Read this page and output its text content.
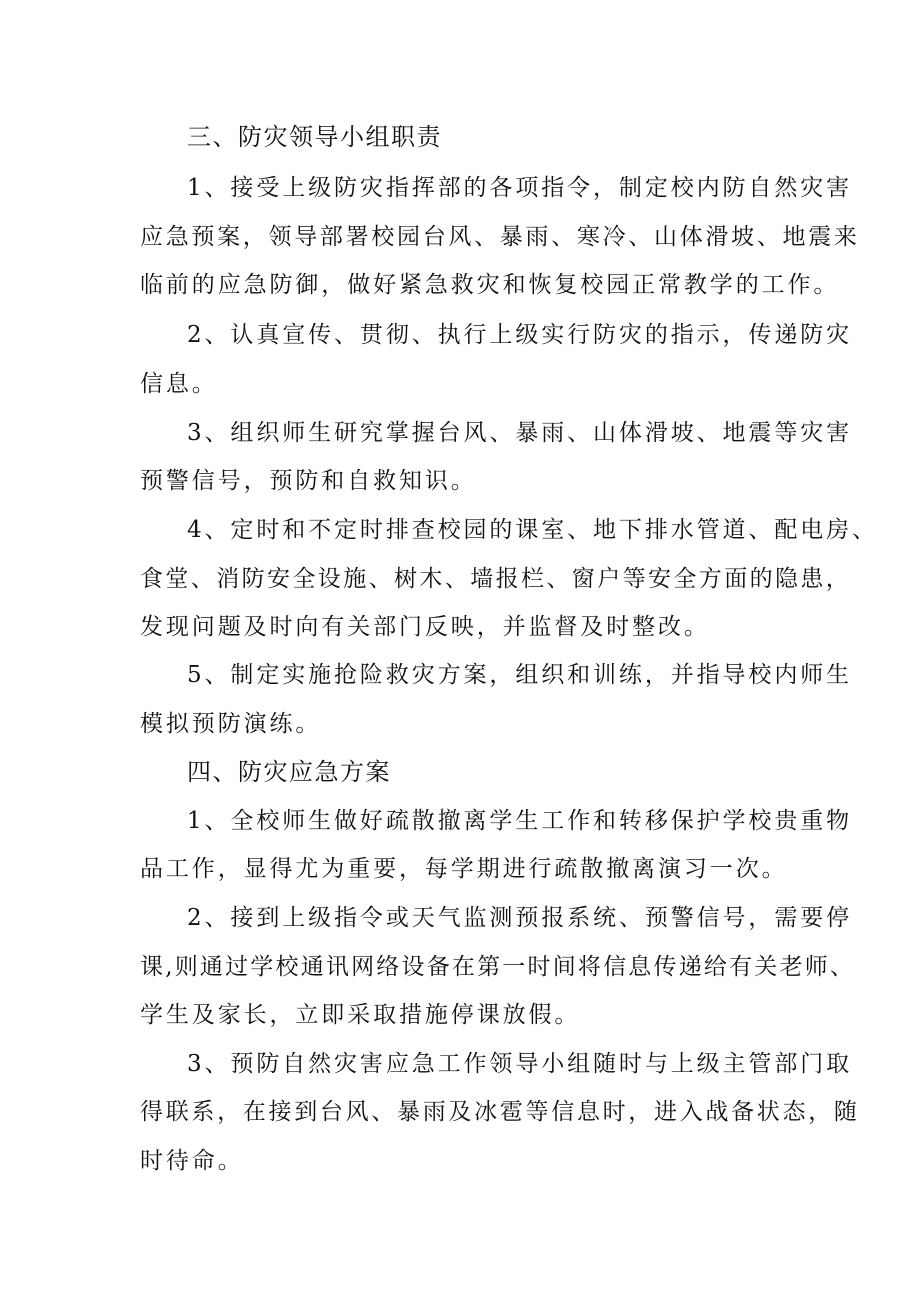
三、防灾领导小组职责
1、接受上级防灾指挥部的各项指令，制定校内防自然灾害
应急预案，领导部署校园台风、暴雨、寒冷、山体滑坡、地震来
临前的应急防御，做好紧急救灾和恢复校园正常教学的工作。
2、认真宣传、贯彻、执行上级实行防灾的指示，传递防灾
信息。
3、组织师生研究掌握台风、暴雨、山体滑坡、地震等灾害
预警信号，预防和自救知识。
4、定时和不定时排查校园的课室、地下排水管道、配电房、
食堂、消防安全设施、树木、墙报栏、窗户等安全方面的隐患，
发现问题及时向有关部门反映，并监督及时整改。
5、制定实施抢险救灾方案，组织和训练，并指导校内师生
模拟预防演练。
四、防灾应急方案
1、全校师生做好疏散撤离学生工作和转移保护学校贵重物
品工作，显得尤为重要，每学期进行疏散撤离演习一次。
2、接到上级指令或天气监测预报系统、预警信号，需要停
课,则通过学校通讯网络设备在第一时间将信息传递给有关老师、
学生及家长，立即采取措施停课放假。
3、预防自然灾害应急工作领导小组随时与上级主管部门取
得联系，在接到台风、暴雨及冰雹等信息时，进入战备状态，随
时待命。
